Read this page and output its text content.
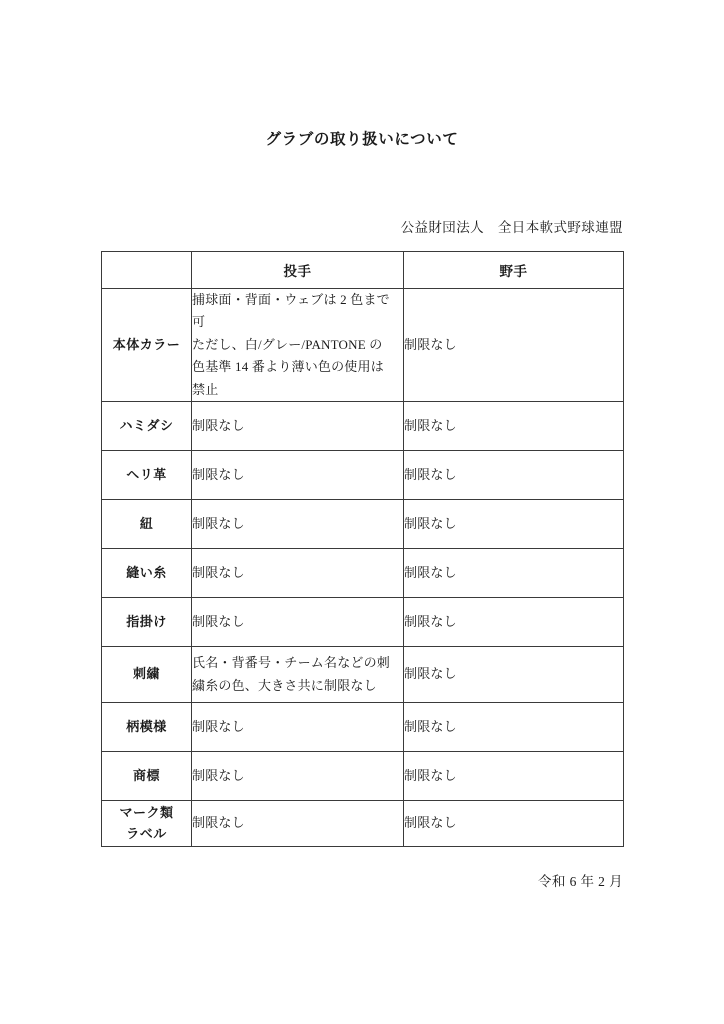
グラブの取り扱いについて
公益財団法人　全日本軟式野球連盟
	投手	野手

本体カラー	捕球面・背面・ウェブは 2 色まで
可
ただし、白/グレー/PANTONE の
色基準 14 番より薄い色の使用は
禁止	制限なし

ハミダシ	制限なし	制限なし

ヘリ革	制限なし	制限なし

紐	制限なし	制限なし

縫い糸	制限なし	制限なし

指掛け	制限なし	制限なし

刺繍	氏名・背番号・チーム名などの刺
繍糸の色、大きさ共に制限なし	制限なし

柄模様	制限なし	制限なし

商標	制限なし	制限なし

マーク類
ラベル	制限なし	制限なし
令和 6 年 2 月
